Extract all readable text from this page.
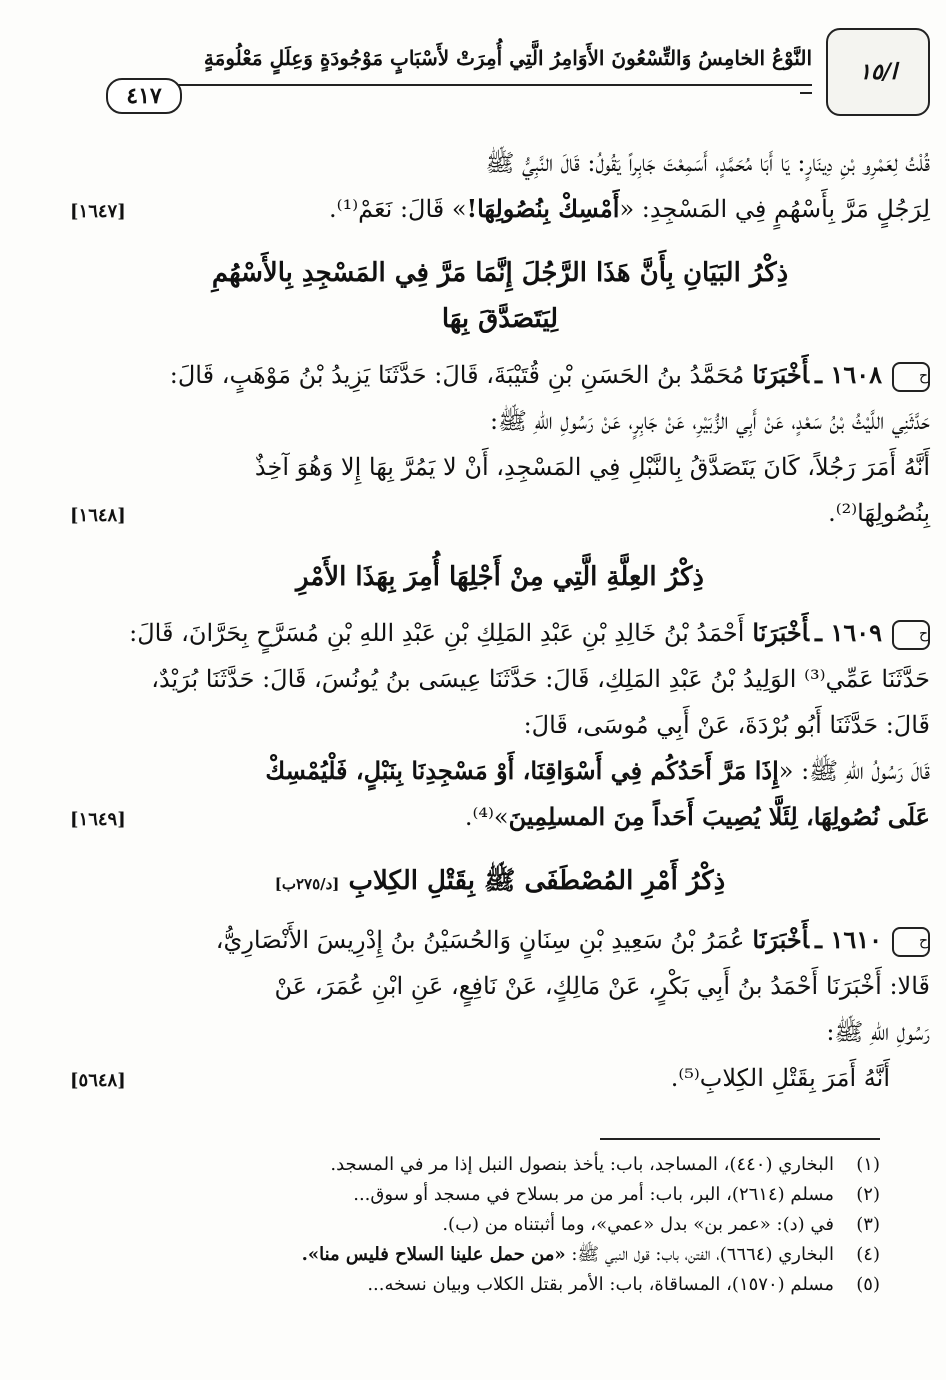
ا/١٥
النَّوْعُ الخامِسُ وَالتِّسْعُونَ الأَوَامِرُ الَّتِي أُمِرَتْ لأَسْبَابٍ مَوْجُودَةٍ وَعِلَلٍ مَعْلُومَةٍ
٤١٧

قُلْتُ لِعَمْرِو بْنِ دِينَارٍ: يَا أَبَا مُحَمَّدٍ، أَسَمِعْتَ جَابِراً يَقُولُ: قَالَ النَّبِيُّ ﷺ

لِرَجُلٍ مَرَّ بِأَسْهُمٍ فِي المَسْجِدِ: «أَمْسِكْ بِنُصُولِهَا!» قَالَ: نَعَمْ⁽¹⁾.

[١٦٤٧]
ذِكْرُ البَيَانِ بِأَنَّ هَذَا الرَّجُلَ إِنَّمَا مَرَّ فِي المَسْجِدِ بِالأَسْهُمِ
لِيَتَصَدَّقَ بِهَا

ح١٦٠٨ ـأَخْبَرَنَامُحَمَّدُ بنُ الحَسَنِ بْنِ قُتَيْبَةَ، قَالَ: حَدَّثَنَا يَزِيدُ بْنُ مَوْهَبٍ، قَالَ:

حَدَّثَنِي اللَّيْثُ بْنُ سَعْدٍ، عَنْ أَبِي الزُّبَيْرِ، عَنْ جَابِرٍ، عَنْ رَسُولِ اللهِ ﷺ:

أَنَّهُ أَمَرَ رَجُلاً، كَانَ يَتَصَدَّقُ بِالنَّبْلِ فِي المَسْجِدِ، أَنْ لا يَمُرَّ بِهَا إِلا وَهُوَ آخِذٌ

بِنُصُولِهَا⁽²⁾.

[١٦٤٨]
ذِكْرُ العِلَّةِ الَّتِي مِنْ أَجْلِهَا أُمِرَ بِهَذَا الأَمْرِ

ح١٦٠٩ ـأَخْبَرَنَاأَحْمَدُ بْنُ خَالِدِ بْنِ عَبْدِ المَلِكِ بْنِ عَبْدِ اللهِ بْنِ مُسَرَّحٍ بِحَرَّانَ، قَالَ:

حَدَّثَنَا عَمِّي⁽³⁾ الوَلِيدُ بْنُ عَبْدِ المَلِكِ، قَالَ: حَدَّثَنَا عِيسَى بنُ يُونُسَ، قَالَ: حَدَّثَنَا بُرَيْدٌ،

قَالَ: حَدَّثَنَا أَبُو بُرْدَةَ، عَنْ أَبِي مُوسَى، قَالَ:

قَالَ رَسُولُ اللهِ ﷺ: «إِذَا مَرَّ أَحَدُكُم فِي أَسْوَاقِنَا، أَوْ مَسْجِدِنَا بِنَبْلٍ، فَلْيُمْسِكْ

عَلَى نُصُولِهَا، لِئَلَّا يُصِيبَ أَحَداً مِنَ المسلِمِينَ»⁽⁴⁾.

[١٦٤٩]
ذِكْرُ أَمْرِ المُصْطَفَى ﷺ بِقَتْلِ الكِلابِ [د/٢٧٥ب]

ح١٦١٠ ـأَخْبَرَنَاعُمَرُ بْنُ سَعِيدِ بْنِ سِنَانٍ وَالحُسَيْنُ بنُ إِدْرِيسَ الأَنْصَارِيُّ،

قَالا: أَخْبَرَنَا أَحْمَدُ بنُ أَبِي بَكْرٍ، عَنْ مَالِكٍ، عَنْ نَافِعٍ، عَنِ ابْنِ عُمَرَ، عَنْ

رَسُولِ اللهِ ﷺ:

أَنَّهُ أَمَرَ بِقَتْلِ الكِلابِ⁽⁵⁾.

[٥٦٤٨]
(١)البخاري (٤٤٠)، المساجد، باب: يأخذ بنصول النبل إذا مر في المسجد.
(٢)مسلم (٢٦١٤)، البر، باب: أمر من مر بسلاح في مسجد أو سوق...
(٣)في (د): «عمر بن» بدل «عمي»، وما أثبتناه من (ب).
(٤)البخاري (٦٦٦٤)، الفتن، باب: قول النبي ﷺ: «من حمل علينا السلاح فليس منا».
(٥)مسلم (١٥٧٠)، المساقاة، باب: الأمر بقتل الكلاب وبيان نسخه...
